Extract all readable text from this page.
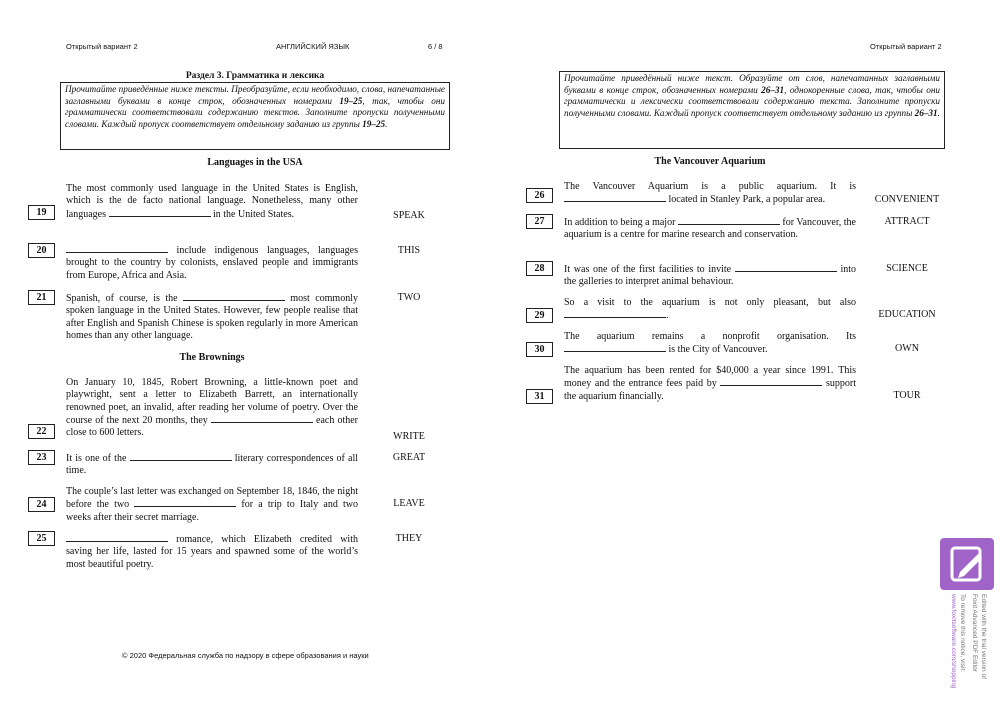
Открытый вариант 2	АНГЛИЙСКИЙ ЯЗЫК	6 / 8	Открытый вариант 2
Раздел 3. Грамматика и лексика
Прочитайте приведённые ниже тексты. Преобразуйте, если необходимо, слова, напечатанные заглавными буквами в конце строк, обозначенных номерами 19–25, так, чтобы они грамматически соответствовали содержанию текстов. Заполните пропуски полученными словами. Каждый пропуск соответствует отдельному заданию из группы 19–25.
Languages in the USA
The most commonly used language in the United States is English, which is the de facto national language. Nonetheless, many other languages	in the United States.
19	SPEAK
include indigenous languages, languages brought to the country by colonists, enslaved people and immigrants from Europe, Africa and Asia.
20	THIS
Spanish, of course, is the	most commonly spoken language in the United States. However, few people realise that after English and Spanish Chinese is spoken regularly in more American homes than any other language.
21	TWO
The Brownings
On January 10, 1845, Robert Browning, a little-known poet and playwright, sent a letter to Elizabeth Barrett, an internationally renowned poet, an invalid, after reading her volume of poetry. Over the course of the next 20 months, they	each other close to 600 letters.
22	WRITE
It is one of the	literary correspondences of all time.
23	GREAT
The couple’s last letter was exchanged on September 18, 1846, the night before the two	for a trip to Italy and two weeks after their secret marriage.
24	LEAVE
romance, which Elizabeth credited with saving her life, lasted for 15 years and spawned some of the world’s most beautiful poetry.
25	THEY
Прочитайте приведённый ниже текст. Образуйте от слов, напечатанных заглавными буквами в конце строк, обозначенных номерами 26–31, однокоренные слова, так, чтобы они грамматически и лексически соответствовали содержанию текста. Заполните пропуски полученными словами. Каждый пропуск соответствует отдельному заданию из группы 26–31.
The Vancouver Aquarium
The Vancouver Aquarium is a public aquarium. It is  located in Stanley Park, a popular area.
26	CONVENIENT
In addition to being a major	for Vancouver, the aquarium is a centre for marine research and conservation.
27	ATTRACT
It was one of the first facilities to invite	into the galleries to interpret animal behaviour.
28	SCIENCE
So a visit to the aquarium is not only pleasant, but also .
29	EDUCATION
The aquarium remains a nonprofit organisation. Its  is the City of Vancouver.
30	OWN
The aquarium has been rented for $40,000 a year since 1991. This money and the entrance fees paid by	support the aquarium financially.
31	TOUR
© 2020 Федеральная служба по надзору в сфере образования и науки	Edited with the trial version of
Foxit Advanced PDF Editor
To remove this notice, visit:
www.foxitsoftware.com/shopping
